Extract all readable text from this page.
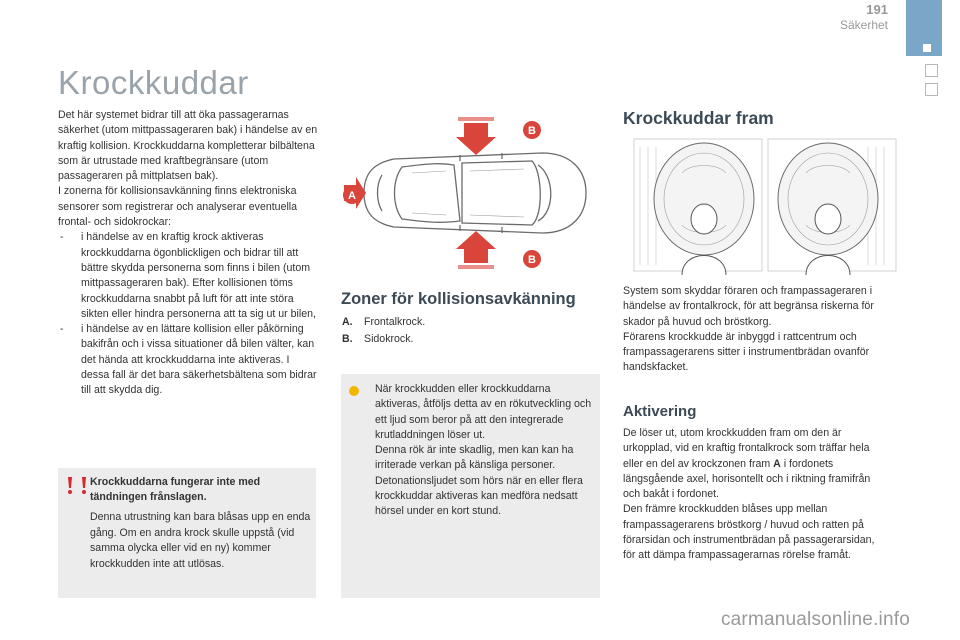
191
Säkerhet
Krockkuddar

Det här systemet bidrar till att öka passagerarnas säkerhet (utom mittpassageraren bak) i händelse av en kraftig kollision. Krockkuddarna kompletterar bilbältena som är utrustade med kraftbegränsare (utom passageraren på mittplatsen bak).

I zonerna för kollisionsavkänning finns elektroniska sensorer som registrerar och analyserar eventuella frontal- och sidokrockar:

- i händelse av en kraftig krock aktiveras krockkuddarna ögonblickligen och bidrar till att bättre skydda personerna som finns i bilen (utom mittpassageraren bak). Efter kollisionen töms krockkuddarna snabbt på luft för att inte störa sikten eller hindra personerna att ta sig ut ur bilen,
- i händelse av en lättare kollision eller påkörning bakifrån och i vissa situationer då bilen välter, kan det hända att krockkuddarna inte aktiveras. I dessa fall är det bara säkerhetsbältena som bidrar till att skydda dig.

Krockkuddarna fungerar inte med tändningen frånslagen.

Denna utrustning kan bara blåsas upp en enda gång. Om en andra krock skulle uppstå (vid samma olycka eller vid en ny) kommer krockkudden inte att utlösas.

A
B
B
Zoner för kollisionsavkänning
A. Frontalkrock.
B. Sidokrock.

När krockkudden eller krockkuddarna aktiveras, åtföljs detta av en rökutveckling och ett ljud som beror på att den integrerade krutladdningen löser ut.

Denna rök är inte skadlig, men kan kan ha irriterade verkan på känsliga personer.

Detonationsljudet som hörs när en eller flera krockkuddar aktiveras kan medföra nedsatt hörsel under en kort stund.

Krockkuddar fram

System som skyddar föraren och frampassageraren i händelse av frontalkrock, för att begränsa riskerna för skador på huvud och bröstkorg.

Förarens krockkudde är inbyggd i rattcentrum och frampassagerarens sitter i instrumentbrädan ovanför handskfacket.

Aktivering

De löser ut, utom krockkudden fram om den är urkopplad, vid en kraftig frontalkrock som träffar hela eller en del av krockzonen fram A i fordonets längsgående axel, horisontellt och i riktning framifrån och bakåt i fordonet.

Den främre krockkudden blåses upp mellan frampassagerarens bröstkorg / huvud och ratten på förarsidan och instrumentbrädan på passagerarsidan, för att dämpa frampassagerarnas rörelse framåt.

carmanualsonline.info
